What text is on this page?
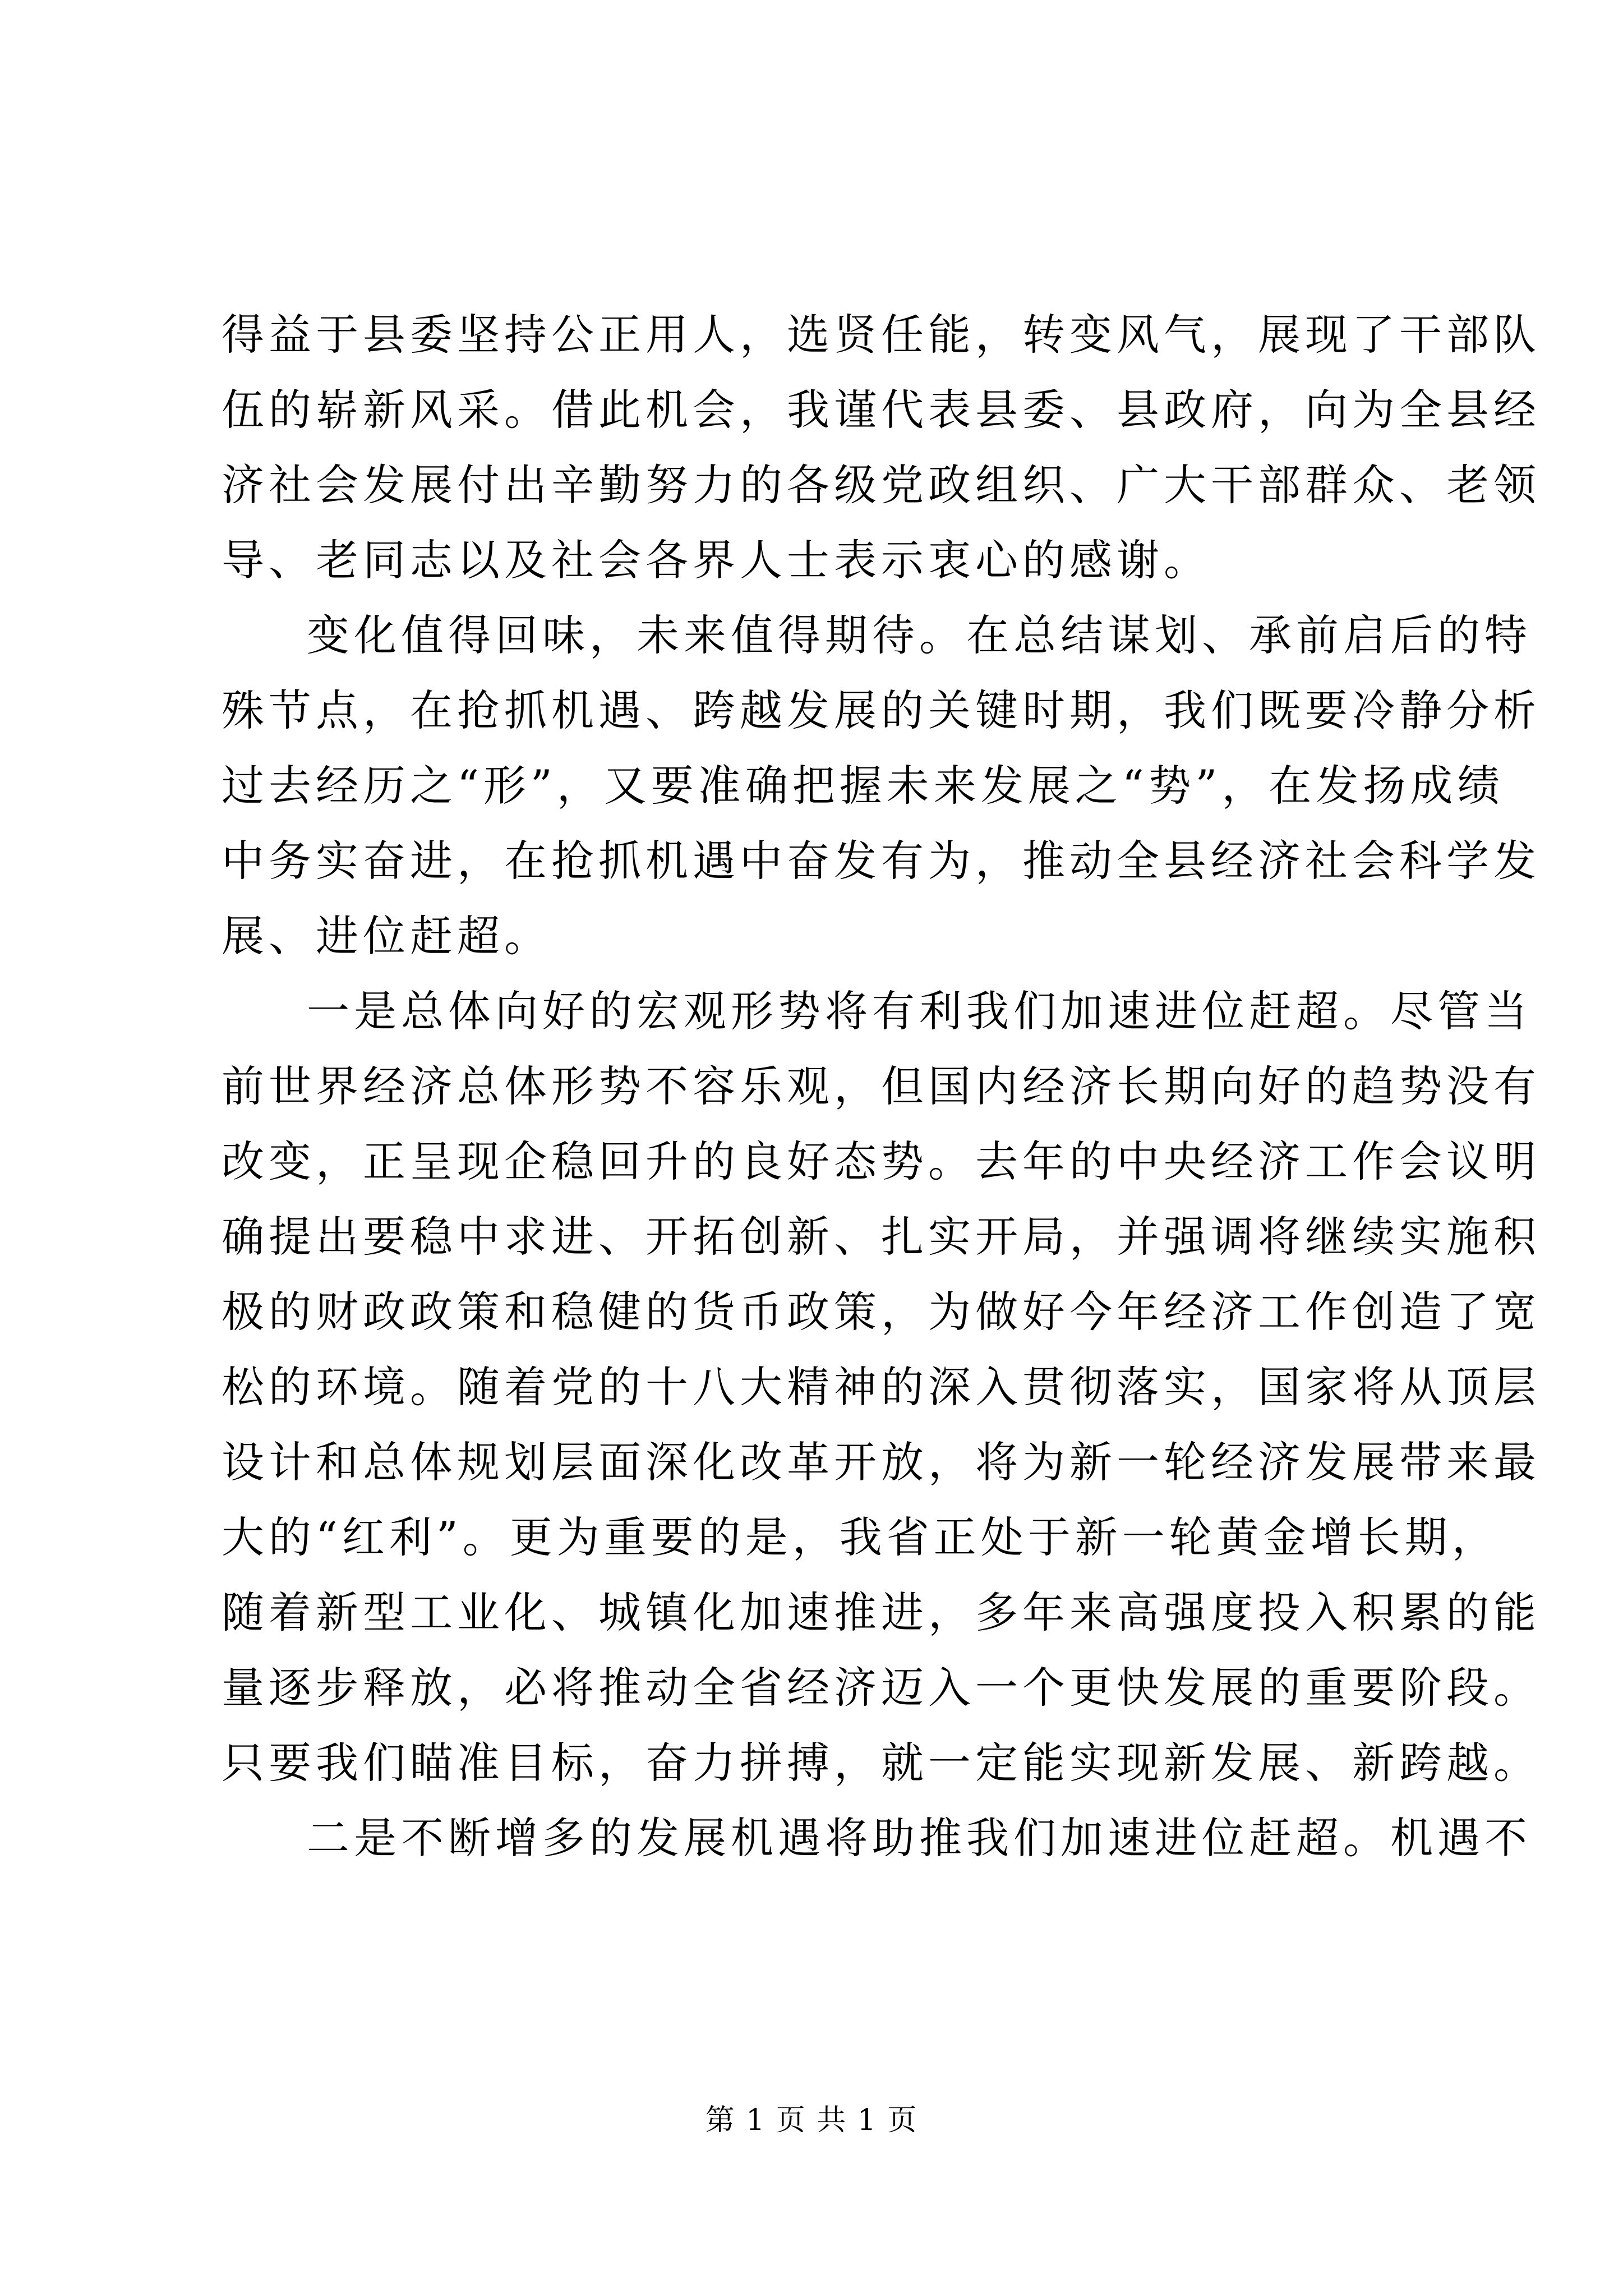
得益于县委坚持公正用人，选贤任能，转变风气，展现了干部队

伍的崭新风采。借此机会，我谨代表县委、县政府，向为全县经

济社会发展付出辛勤努力的各级党政组织、广大干部群众、老领

导、老同志以及社会各界人士表示衷心的感谢。

变化值得回味，未来值得期待。在总结谋划、承前启后的特

殊节点，在抢抓机遇、跨越发展的关键时期，我们既要冷静分析

过去经历之“形”，又要准确把握未来发展之“势”，在发扬成绩

中务实奋进，在抢抓机遇中奋发有为，推动全县经济社会科学发

展、进位赶超。

一是总体向好的宏观形势将有利我们加速进位赶超。尽管当

前世界经济总体形势不容乐观，但国内经济长期向好的趋势没有

改变，正呈现企稳回升的良好态势。去年的中央经济工作会议明

确提出要稳中求进、开拓创新、扎实开局，并强调将继续实施积

极的财政政策和稳健的货币政策，为做好今年经济工作创造了宽

松的环境。随着党的十八大精神的深入贯彻落实，国家将从顶层

设计和总体规划层面深化改革开放，将为新一轮经济发展带来最

大的“红利”。更为重要的是，我省正处于新一轮黄金增长期，

随着新型工业化、城镇化加速推进，多年来高强度投入积累的能

量逐步释放，必将推动全省经济迈入一个更快发展的重要阶段。

只要我们瞄准目标，奋力拼搏，就一定能实现新发展、新跨越。

二是不断增多的发展机遇将助推我们加速进位赶超。机遇不

第 1 页 共 1 页
